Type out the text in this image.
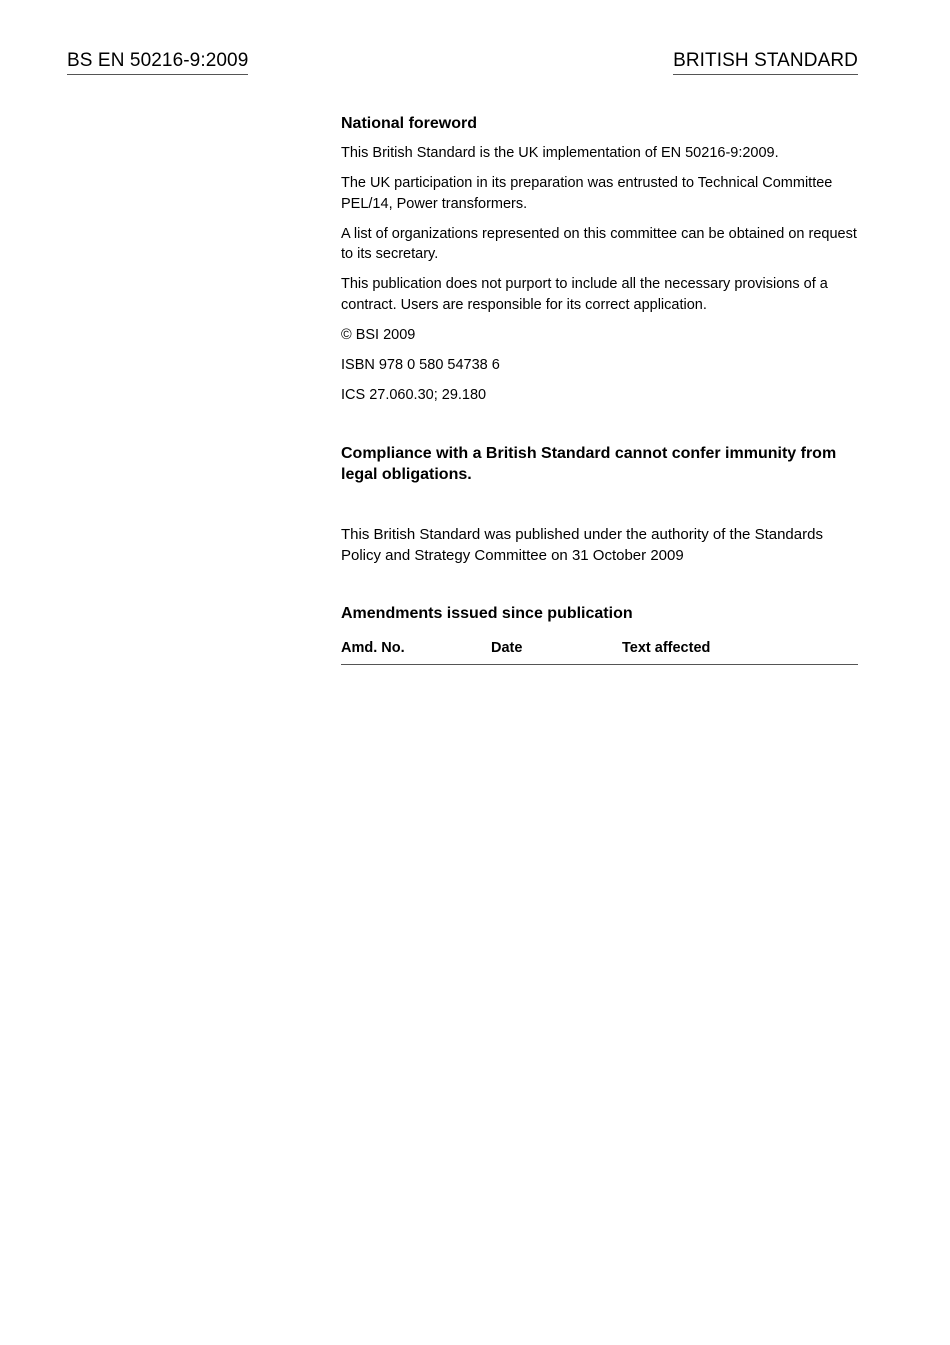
BS EN 50216-9:2009	BRITISH STANDARD

National foreword

This British Standard is the UK implementation of EN 50216-9:2009.

The UK participation in its preparation was entrusted to Technical Committee PEL/14, Power transformers.

A list of organizations represented on this committee can be obtained on request to its secretary.

This publication does not purport to include all the necessary provisions of a contract. Users are responsible for its correct application.

© BSI 2009

ISBN 978 0 580 54738 6

ICS 27.060.30; 29.180

Compliance with a British Standard cannot confer immunity from legal obligations.

This British Standard was published under the authority of the Standards Policy and Strategy Committee on 31 October 2009

Amendments issued since publication

Amd. No.	Date	Text affected
